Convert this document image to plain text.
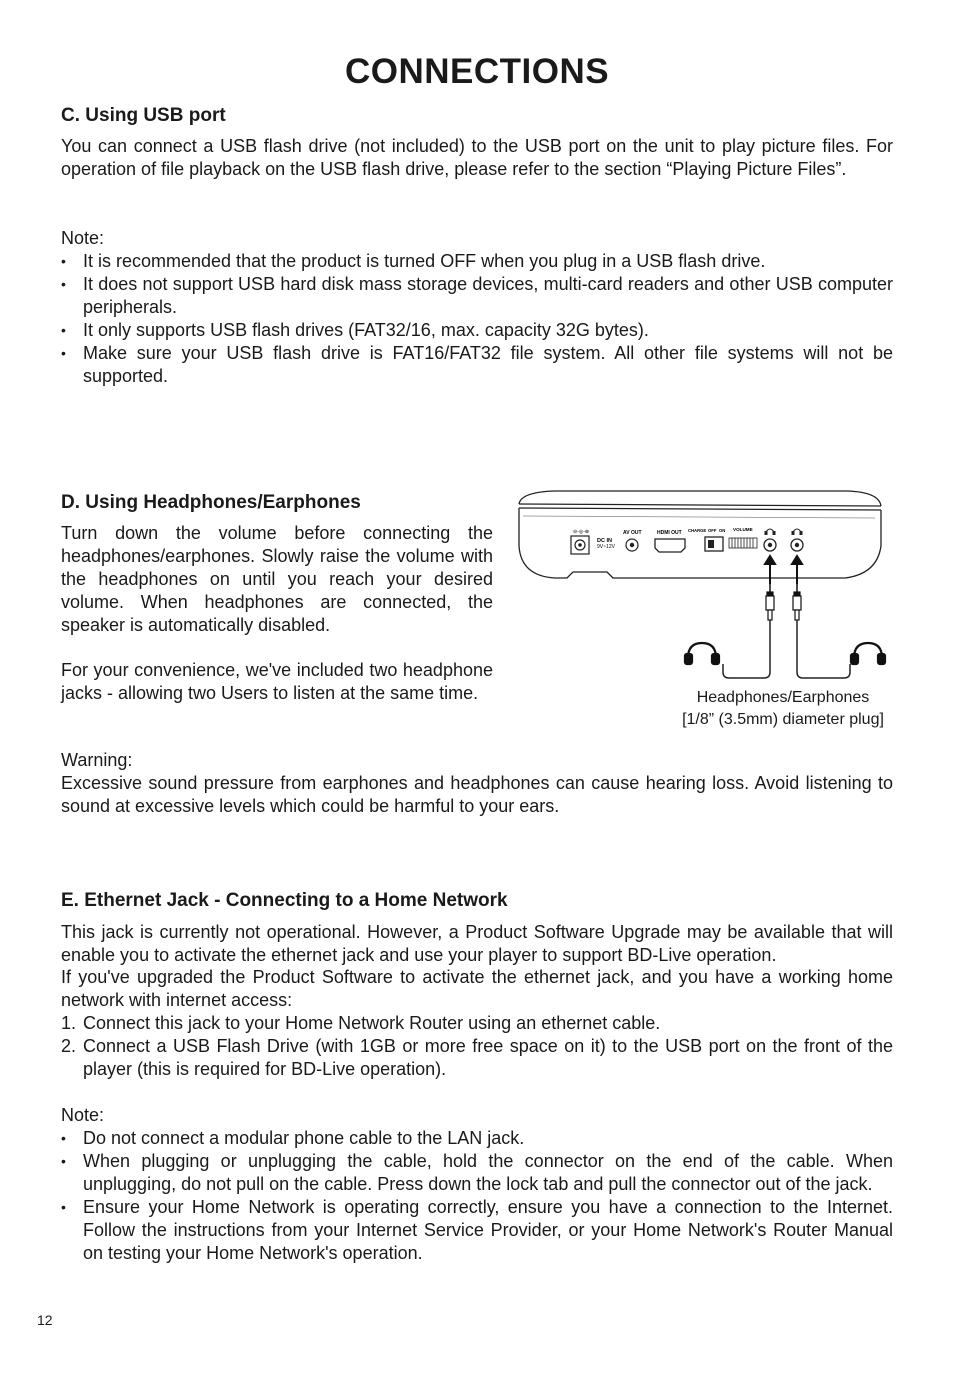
CONNECTIONS
C. Using USB port
You can connect a USB flash drive (not included) to the USB port on the unit to play picture files. For operation of file playback on the USB flash drive, please refer to the section “Playing Picture Files”.
Note:
• It is recommended that the product is turned OFF when you plug in a USB flash drive.
• It does not support USB hard disk mass storage devices, multi-card readers and other USB computer peripherals.
• It only supports USB flash drives (FAT32/16, max. capacity 32G bytes).
• Make sure your USB flash drive is FAT16/FAT32 file system. All other file systems will not be supported.
D. Using Headphones/Earphones
Turn down the volume before connecting the headphones/earphones. Slowly raise the volume with the headphones on until you reach your desired volume. When headphones are connected, the speaker is automatically disabled.
For your convenience, we've included two headphone jacks - allowing two Users to listen at the same time.
⊖-◎-⊕
DC IN
9V~12V
AV OUT	HDMI OUT CHARGE OFF ON VOLUME
Headphones/Earphones
[1/8” (3.5mm) diameter plug]
Warning:
Excessive sound pressure from earphones and headphones can cause hearing loss. Avoid listening to sound at excessive levels which could be harmful to your ears.
E. Ethernet Jack - Connecting to a Home Network
This jack is currently not operational. However, a Product Software Upgrade may be available that will enable you to activate the ethernet jack and use your player to support BD-Live operation.
If you've upgraded the Product Software to activate the ethernet jack, and you have a working home network with internet access:
1. Connect this jack to your Home Network Router using an ethernet cable.
2. Connect a USB Flash Drive (with 1GB or more free space on it) to the USB port on the front of the player (this is required for BD-Live operation).
Note:
• Do not connect a modular phone cable to the LAN jack.
• When plugging or unplugging the cable, hold the connector on the end of the cable. When unplugging, do not pull on the cable. Press down the lock tab and pull the connector out of the jack.
• Ensure your Home Network is operating correctly, ensure you have a connection to the Internet. Follow the instructions from your Internet Service Provider, or your Home Network's Router Manual on testing your Home Network's operation.
12
